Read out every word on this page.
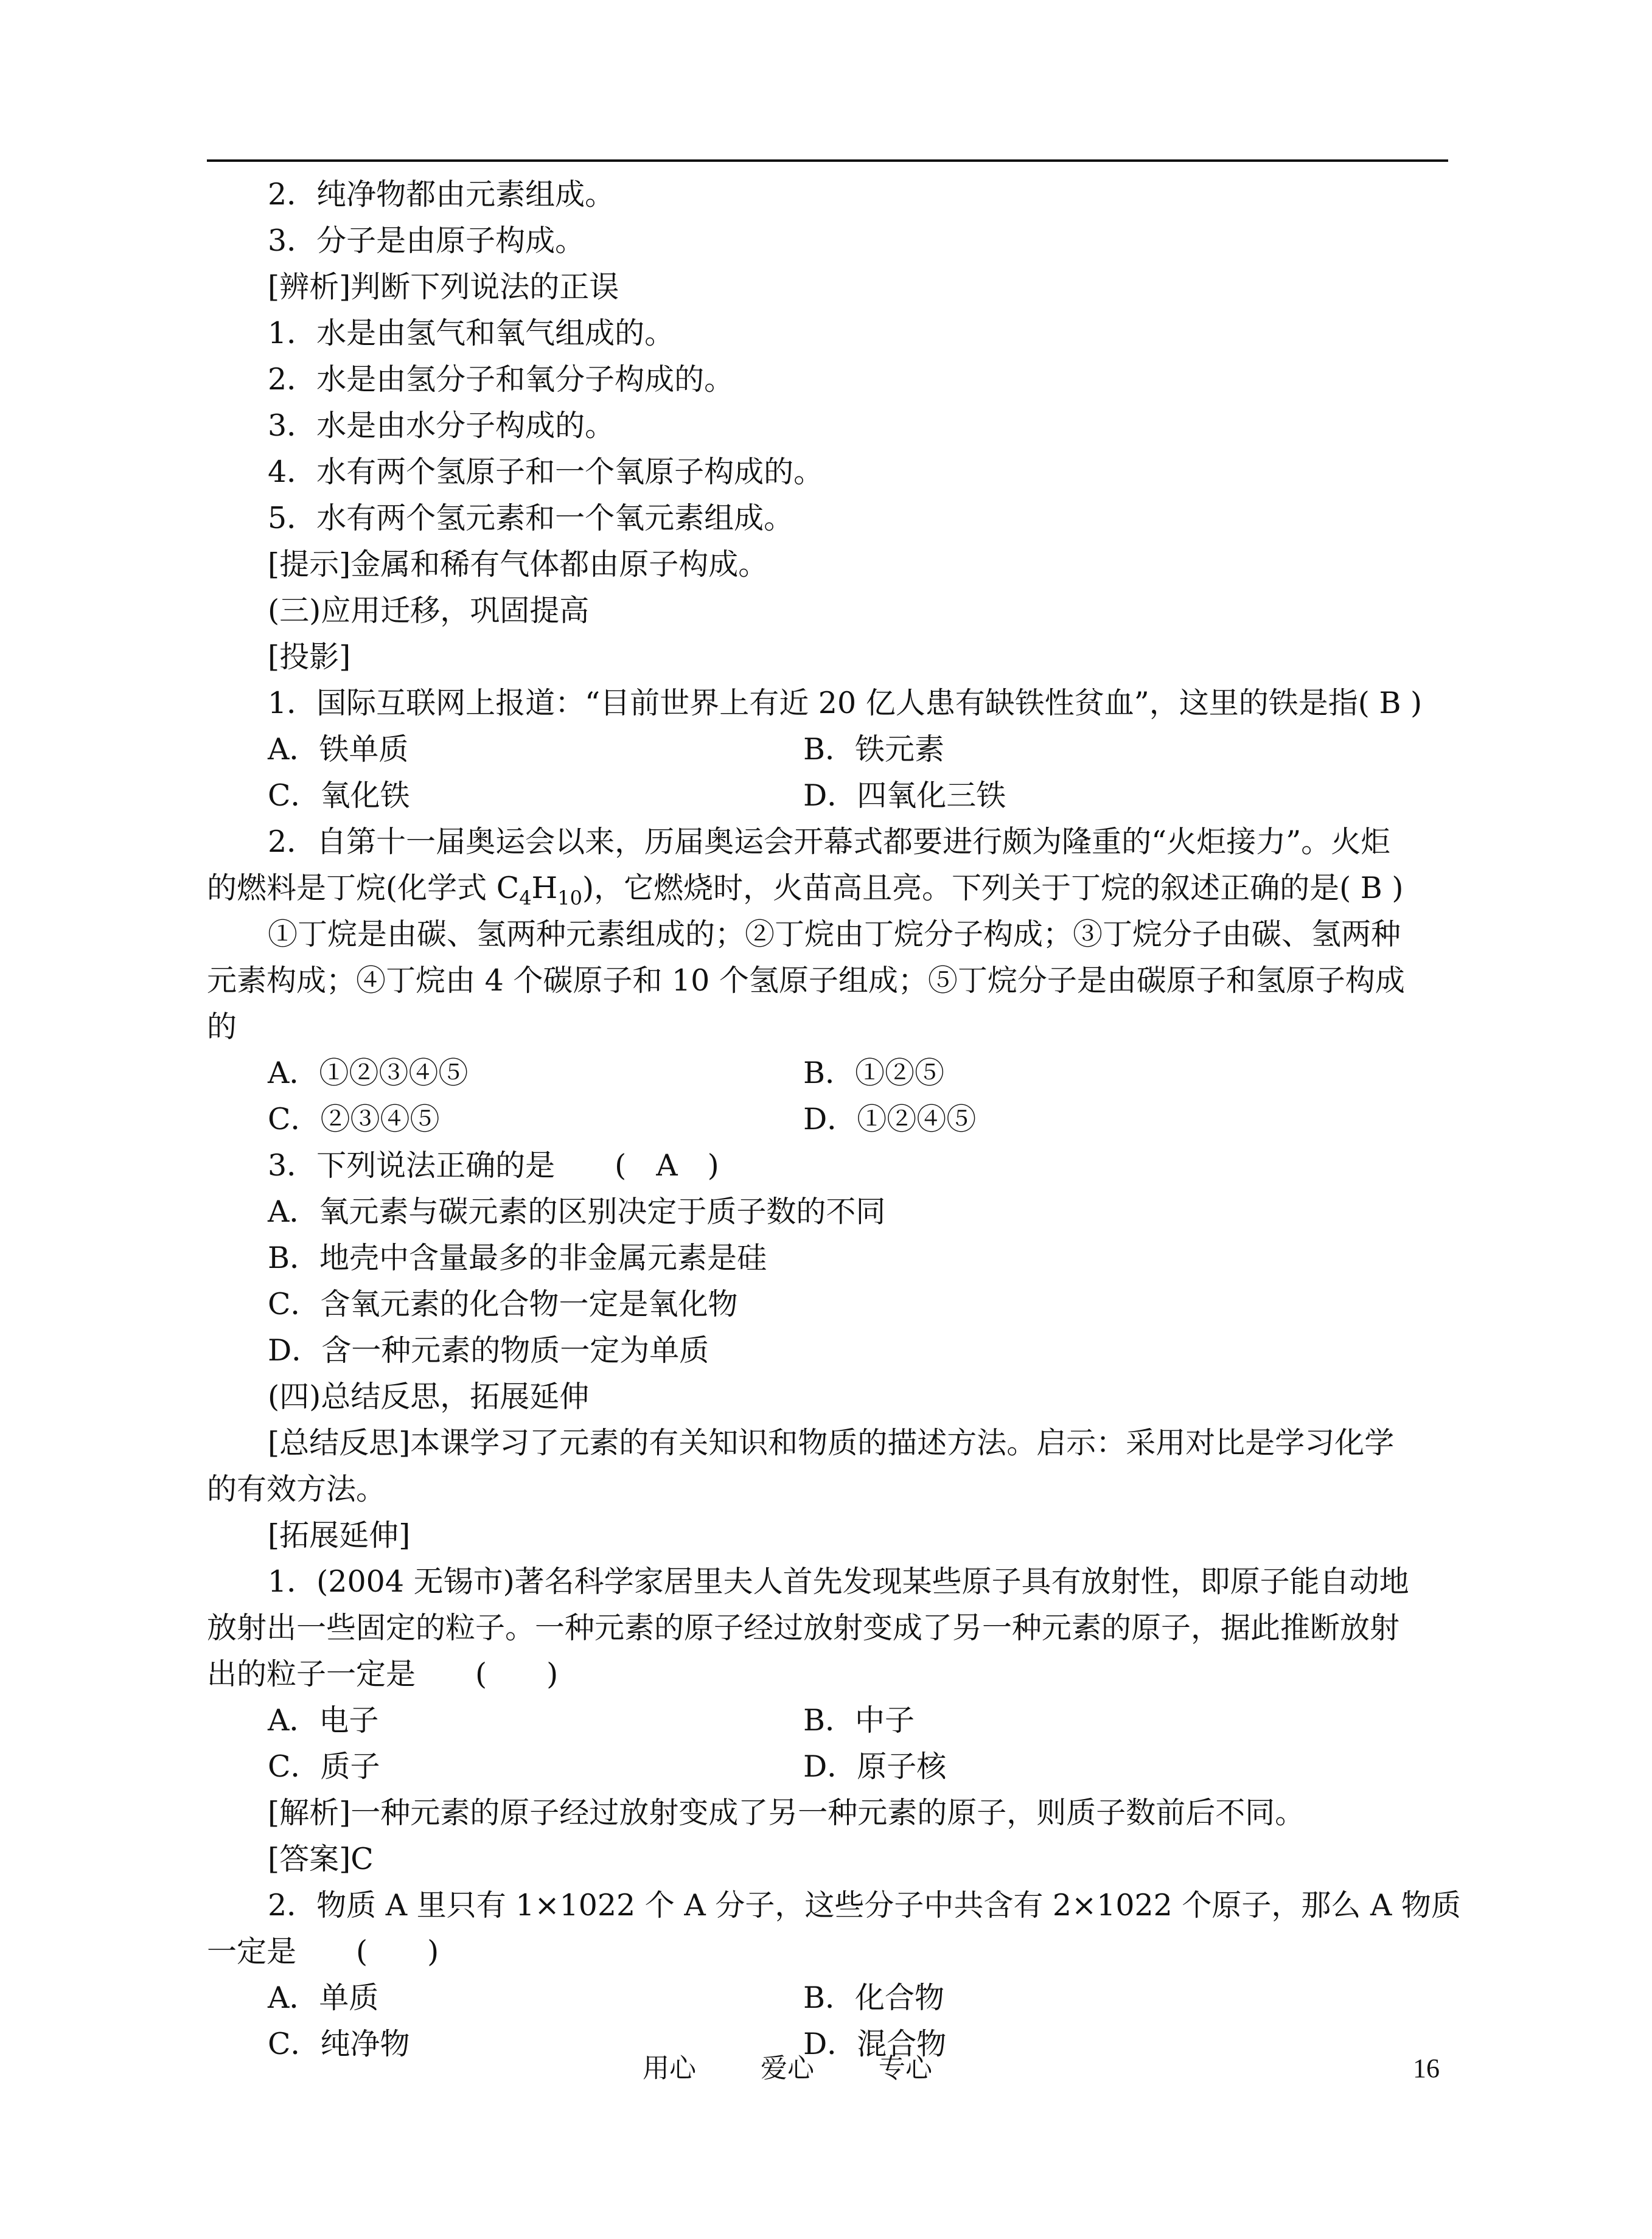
2．纯净物都由元素组成。
3．分子是由原子构成。
[辨析]判断下列说法的正误
1．水是由氢气和氧气组成的。
2．水是由氢分子和氧分子构成的。
3．水是由水分子构成的。
4．水有两个氢原子和一个氧原子构成的。
5．水有两个氢元素和一个氧元素组成。
[提示]金属和稀有气体都由原子构成。
(三)应用迁移，巩固提高
[投影]
1．国际互联网上报道：“目前世界上有近 20 亿人患有缺铁性贫血”，这里的铁是指( B )
A．铁单质	B．铁元素
C．氧化铁	D．四氧化三铁
2．自第十一届奥运会以来，历届奥运会开幕式都要进行颇为隆重的“火炬接力”。火炬
的燃料是丁烷(化学式 $C_4H_{10}$)，它燃烧时，火苗高且亮。下列关于丁烷的叙述正确的是( B )
①丁烷是由碳、氢两种元素组成的；②丁烷由丁烷分子构成；③丁烷分子由碳、氢两种
元素构成；④丁烷由 4 个碳原子和 10 个氢原子组成；⑤丁烷分子是由碳原子和氢原子构成
的
A．①②③④⑤	B．①②⑤
C．②③④⑤	D．①②④⑤
3．下列说法正确的是　　(　A　)
A．氧元素与碳元素的区别决定于质子数的不同
B．地壳中含量最多的非金属元素是硅
C．含氧元素的化合物一定是氧化物
D．含一种元素的物质一定为单质
(四)总结反思，拓展延伸
[总结反思]本课学习了元素的有关知识和物质的描述方法。启示：采用对比是学习化学
的有效方法。
[拓展延伸]
1．(2004 无锡市)著名科学家居里夫人首先发现某些原子具有放射性，即原子能自动地
放射出一些固定的粒子。一种元素的原子经过放射变成了另一种元素的原子，据此推断放射
出的粒子一定是　　(　　)
A．电子	B．中子
C．质子	D．原子核
[解析]一种元素的原子经过放射变成了另一种元素的原子，则质子数前后不同。
[答案]C
2．物质 A 里只有 1×1022 个 A 分子，这些分子中共含有 2×1022 个原子，那么 A 物质
一定是　　(　　)
A．单质	B．化合物
C．纯净物	D．混合物
用心 爱心 专心	16
